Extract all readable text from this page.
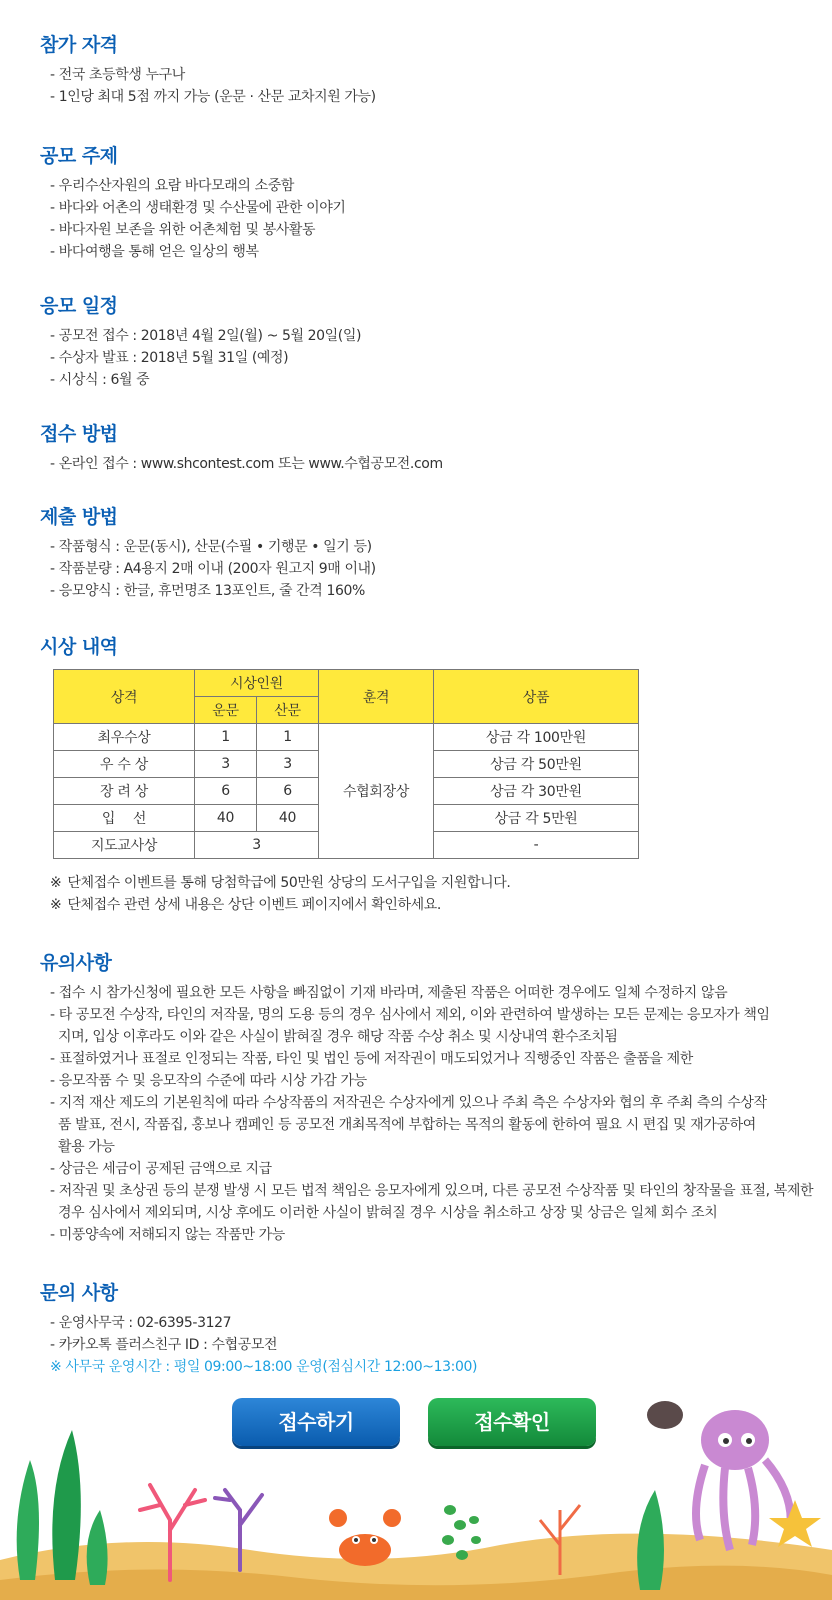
참가 자격
- 전국 초등학생 누구나
- 1인당 최대 5점 까지 가능 (운문 · 산문 교차지원 가능)
공모 주제
- 우리수산자원의 요람 바다모래의 소중함
- 바다와 어촌의 생태환경 및 수산물에 관한 이야기
- 바다자원 보존을 위한 어촌체험 및 봉사활동
- 바다여행을 통해 얻은 일상의 행복
응모 일정
- 공모전 접수 : 2018년 4월 2일(월) ~ 5월 20일(일)
- 수상자 발표 : 2018년 5월 31일 (예정)
- 시상식 : 6월 중
접수 방법
- 온라인 접수 : www.shcontest.com 또는 www.수협공모전.com
제출 방법
- 작품형식 : 운문(동시), 산문(수필 • 기행문 • 일기 등)
- 작품분량 : A4용지 2매 이내 (200자 원고지 9매 이내)
- 응모양식 : 한글, 휴먼명조 13포인트, 줄 간격 160%
시상 내역
상격	시상인원		훈격	상품
	운문	산문		
최우수상	1	1	수협회장상	상금 각 100만원
우 수 상	3	3		상금 각 50만원
장 려 상	6	6		상금 각 30만원
입　 선	40	40		상금 각 5만원
지도교사상	3			-
※ 단체접수 이벤트를 통해 당첨학급에 50만원 상당의 도서구입을 지원합니다.
※ 단체접수 관련 상세 내용은 상단 이벤트 페이지에서 확인하세요.
유의사항
- 접수 시 참가신청에 필요한 모든 사항을 빠짐없이 기재 바라며, 제출된 작품은 어떠한 경우에도 일체 수정하지 않음
- 타 공모전 수상작, 타인의 저작물, 명의 도용 등의 경우 심사에서 제외, 이와 관련하여 발생하는 모든 문제는 응모자가 책임지며, 입상 이후라도 이와 같은 사실이 밝혀질 경우 해당 작품 수상 취소 및 시상내역 환수조치됨
- 표절하였거나 표절로 인정되는 작품, 타인 및 법인 등에 저작권이 매도되었거나 직행중인 작품은 출품을 제한
- 응모작품 수 및 응모작의 수준에 따라 시상 가감 가능
- 지적 재산 제도의 기본원칙에 따라 수상작품의 저작권은 수상자에게 있으나 주최 측은 수상자와 협의 후 주최 측의 수상작품 발표, 전시, 작품집, 홍보나 캠페인 등 공모전 개최목적에 부합하는 목적의 활동에 한하여 필요 시 편집 및 재가공하여 활용 가능
- 상금은 세금이 공제된 금액으로 지급
- 저작권 및 초상권 등의 분쟁 발생 시 모든 법적 책임은 응모자에게 있으며, 다른 공모전 수상작품 및 타인의 창작물을 표절, 복제한 경우 심사에서 제외되며, 시상 후에도 이러한 사실이 밝혀질 경우 시상을 취소하고 상장 및 상금은 일체 회수 조치
- 미풍양속에 저해되지 않는 작품만 가능
문의 사항
- 운영사무국 : 02-6395-3127
- 카카오톡 플러스친구 ID : 수협공모전
※ 사무국 운영시간 : 평일 09:00~18:00 운영(점심시간 12:00~13:00)
접수하기	접수확인
